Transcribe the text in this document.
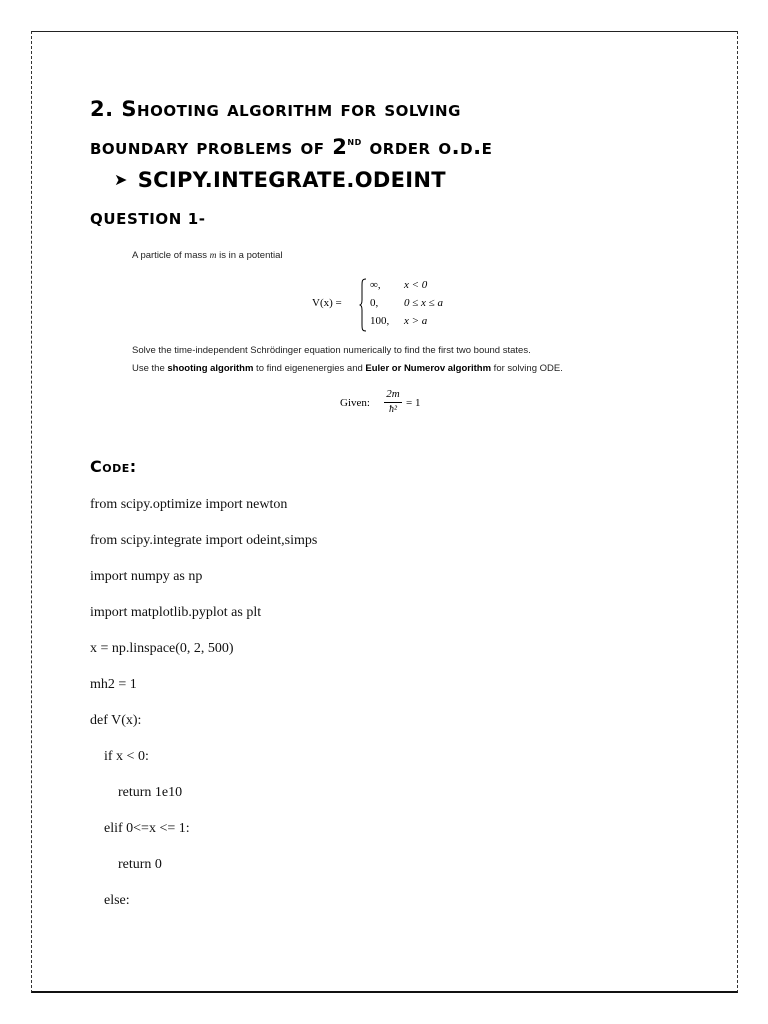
2. Shooting algorithm for solving
boundary problems of 2nd order o.d.e
➤ SCIPY.INTEGRATE.ODEINT
QUESTION 1-
A particle of mass m is in a potential
Solve the time-independent Schrödinger equation numerically to find the first two bound states.
Use the shooting algorithm to find eigenenergies and Euler or Numerov algorithm for solving ODE.
V(x) =
∞, x < 0
0, 0 ≤ x ≤ a
100, x > a
Given:
2m
ħ²
= 1
Code:
from scipy.optimize import newton
from scipy.integrate import odeint,simps
import numpy as np
import matplotlib.pyplot as plt
x = np.linspace(0, 2, 500)
mh2 = 1
def V(x):
if x < 0:
return 1e10
elif 0<=x <= 1:
return 0
else:
